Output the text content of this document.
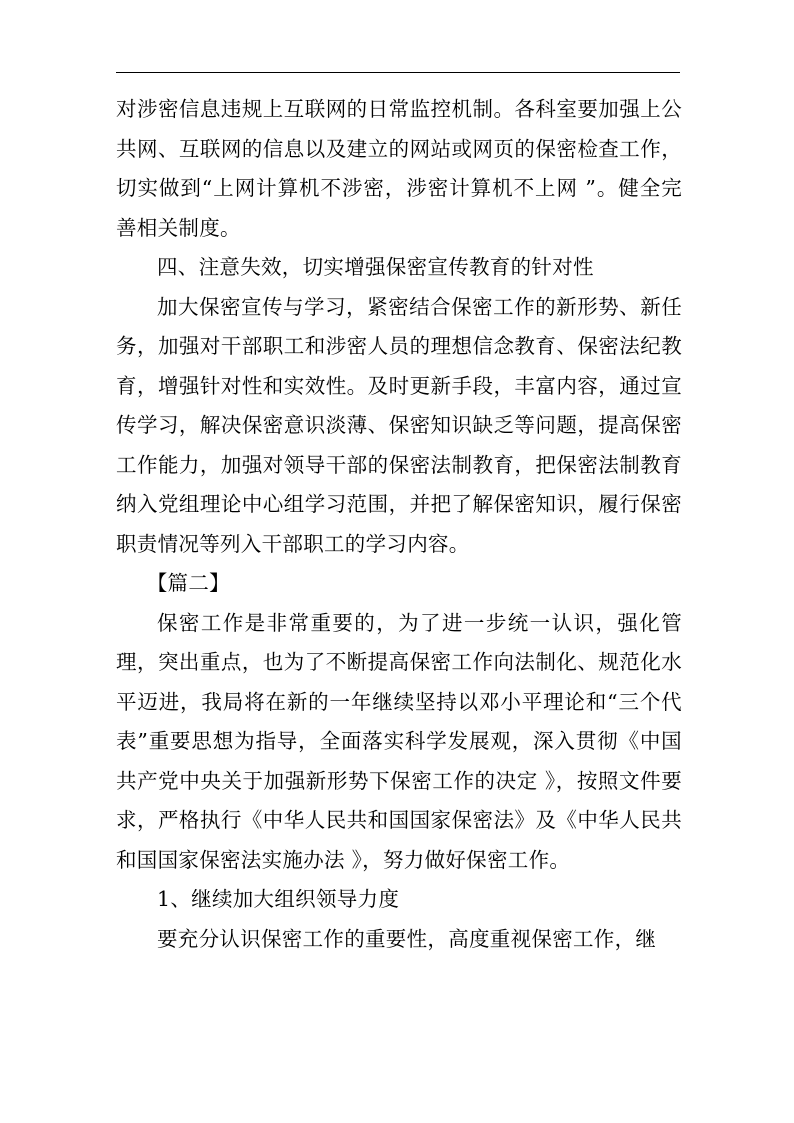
对涉密信息违规上互联网的日常监控机制。各科室要加强上公共网、互联网的信息以及建立的网站或网页的保密检查工作，切实做到“上网计算机不涉密，涉密计算机不上网 ”。健全完善相关制度。

四、注意失效，切实增强保密宣传教育的针对性

加大保密宣传与学习，紧密结合保密工作的新形势、新任务，加强对干部职工和涉密人员的理想信念教育、保密法纪教育，增强针对性和实效性。及时更新手段，丰富内容，通过宣传学习，解决保密意识淡薄、保密知识缺乏等问题，提高保密工作能力，加强对领导干部的保密法制教育，把保密法制教育纳入党组理论中心组学习范围，并把了解保密知识，履行保密职责情况等列入干部职工的学习内容。

【篇二】

保密工作是非常重要的，为了进一步统一认识，强化管理，突出重点，也为了不断提高保密工作向法制化、规范化水平迈进，我局将在新的一年继续坚持以邓小平理论和“三个代表”重要思想为指导，全面落实科学发展观，深入贯彻《中国共产党中央关于加强新形势下保密工作的决定 》，按照文件要求，严格执行《中华人民共和国国家保密法》及《中华人民共和国国家保密法实施办法 》，努力做好保密工作。

1、继续加大组织领导力度

要充分认识保密工作的重要性，高度重视保密工作，继
